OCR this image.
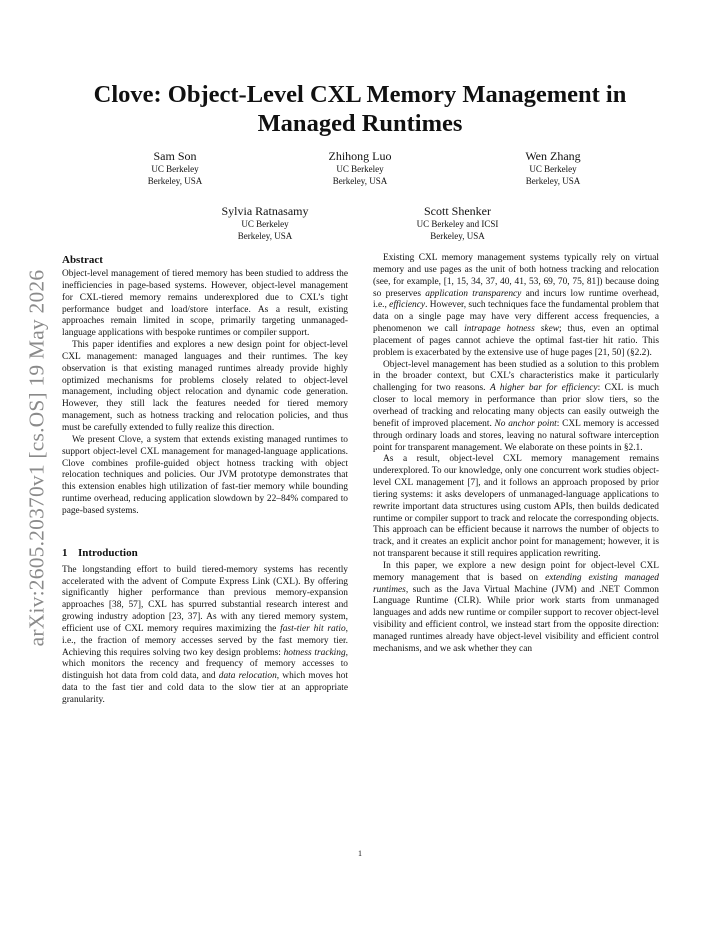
arXiv:2605.20370v1 [cs.OS] 19 May 2026
Clove: Object-Level CXL Memory Management in Managed Runtimes
Sam Son
UC Berkeley
Berkeley, USA
Zhihong Luo
UC Berkeley
Berkeley, USA
Wen Zhang
UC Berkeley
Berkeley, USA
Sylvia Ratnasamy
UC Berkeley
Berkeley, USA
Scott Shenker
UC Berkeley and ICSI
Berkeley, USA
Abstract

Object-level management of tiered memory has been studied to address the inefficiencies in page-based systems. However, object-level management for CXL-tiered memory remains underexplored due to CXL’s tight performance budget and load/store interface. As a result, existing approaches remain limited in scope, primarily targeting unmanaged-language applications with bespoke runtimes or compiler support.

This paper identifies and explores a new design point for object-level CXL management: managed languages and their runtimes. The key observation is that existing managed runtimes already provide highly optimized mechanisms for problems closely related to object-level management, including object relocation and dynamic code generation. However, they still lack the features needed for tiered memory management, such as hotness tracking and relocation policies, and thus must be carefully extended to fully realize this direction.

We present Clove, a system that extends existing managed runtimes to support object-level CXL management for managed-language applications. Clove combines profile-guided object hotness tracking with object relocation techniques and policies. Our JVM prototype demonstrates that this extension enables high utilization of fast-tier memory while bounding runtime overhead, reducing application slowdown by 22–84% compared to page-based systems.

1 Introduction

The longstanding effort to build tiered-memory systems has recently accelerated with the advent of Compute Express Link (CXL). By offering significantly higher performance than previous memory-expansion approaches [38, 57], CXL has spurred substantial research interest and growing industry adoption [23, 37]. As with any tiered memory system, efficient use of CXL memory requires maximizing the fast-tier hit ratio, i.e., the fraction of memory accesses served by the fast memory tier. Achieving this requires solving two key design problems: hotness tracking, which monitors the recency and frequency of memory accesses to distinguish hot data from cold data, and data relocation, which moves hot data to the fast tier and cold data to the slow tier at an appropriate granularity.

Existing CXL memory management systems typically rely on virtual memory and use pages as the unit of both hotness tracking and relocation (see, for example, [1, 15, 34, 37, 40, 41, 53, 69, 70, 75, 81]) because doing so preserves application transparency and incurs low runtime overhead, i.e., efficiency. However, such techniques face the fundamental problem that data on a single page may have very different access frequencies, a phenomenon we call intrapage hotness skew; thus, even an optimal placement of pages cannot achieve the optimal fast-tier hit ratio. This problem is exacerbated by the extensive use of huge pages [21, 50] (§2.2).

Object-level management has been studied as a solution to this problem in the broader context, but CXL’s characteristics make it particularly challenging for two reasons. A higher bar for efficiency: CXL is much closer to local memory in performance than prior slow tiers, so the overhead of tracking and relocating many objects can easily outweigh the benefit of improved placement. No anchor point: CXL memory is accessed through ordinary loads and stores, leaving no natural software interception point for transparent management. We elaborate on these points in §2.1.

As a result, object-level CXL memory management remains underexplored. To our knowledge, only one concurrent work studies object-level CXL management [7], and it follows an approach proposed by prior tiering systems: it asks developers of unmanaged-language applications to rewrite important data structures using custom APIs, then builds dedicated runtime or compiler support to track and relocate the corresponding objects. This approach can be efficient because it narrows the number of objects to track, and it creates an explicit anchor point for management; however, it is not transparent because it still requires application rewriting.

In this paper, we explore a new design point for object-level CXL memory management that is based on extending existing managed runtimes, such as the Java Virtual Machine (JVM) and .NET Common Language Runtime (CLR). While prior work starts from unmanaged languages and adds new runtime or compiler support to recover object-level visibility and efficient control, we instead start from the opposite direction: managed runtimes already have object-level visibility and efficient control mechanisms, and we ask whether they can

1
